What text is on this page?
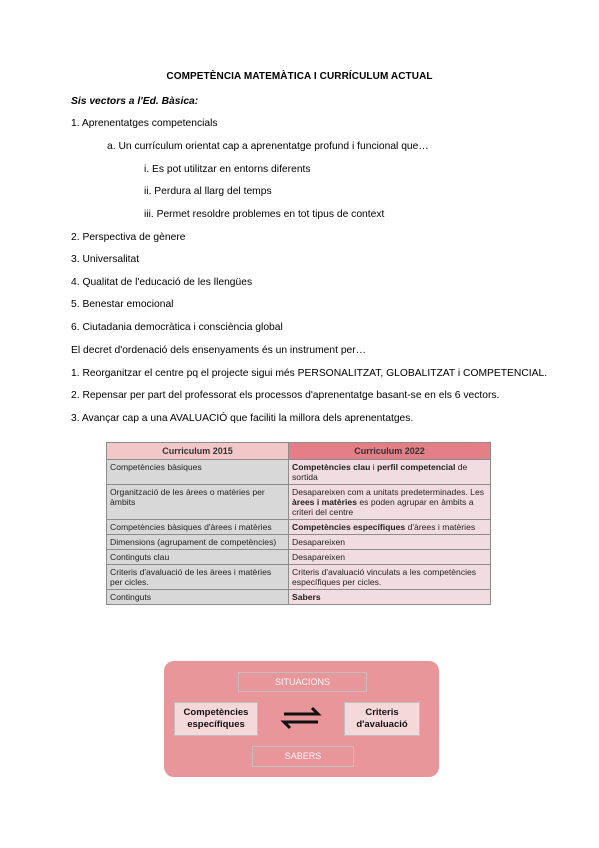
COMPETÈNCIA MATEMÀTICA I CURRÍCULUM ACTUAL
Sis vectors a l'Ed. Bàsica:
1. Aprenentatges competencials
a. Un currículum orientat cap a aprenentatge profund i funcional que…
i. Es pot utilitzar en entorns diferents
ii. Perdura al llarg del temps
iii. Permet resoldre problemes en tot tipus de context
2. Perspectiva de gènere
3. Universalitat
4. Qualitat de l'educació de les llengües
5. Benestar emocional
6. Ciutadania democràtica i consciència global
El decret d'ordenació dels ensenyaments és un instrument per…
1. Reorganitzar el centre pq el projecte sigui més PERSONALITZAT, GLOBALITZAT i COMPETENCIAL.
2. Repensar per part del professorat els processos d'aprenentatge basant-se en els 6 vectors.
3. Avançar cap a una AVALUACIÓ que faciliti la millora dels aprenentatges.
Curriculum 2015	Curriculum 2022
Competències bàsiques	Competències clau i perfil competencial de sortida
Organització de les àrees o matèries per àmbits	Desapareixen com a unitats predeterminades. Les àrees i matèries es poden agrupar en àmbits a criteri del centre
Competències bàsiques d'àrees i matèries	Competències específiques d'àrees i matèries
Dimensions (agrupament de competències)	Desapareixen
Continguts clau	Desapareixen
Criteris d'avaluació de les àrees i matèries per cicles.	Criteris d'avaluació vinculats a les competències específiques per cicles.
Continguts	Sabers
SITUACIONS
Competències específiques
Criteris d'avaluació
SABERS
